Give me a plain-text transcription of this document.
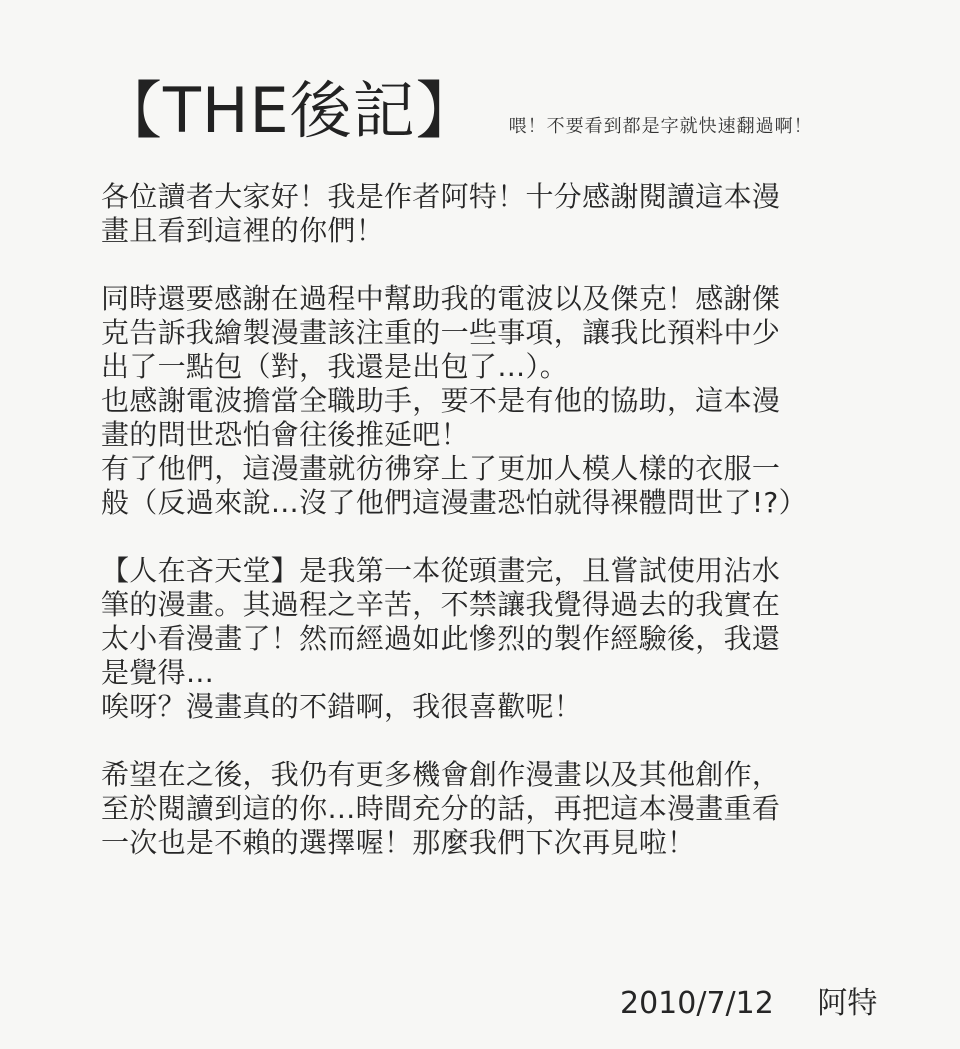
【THE後記】 喂！不要看到都是字就快速翻過啊！
各位讀者大家好！我是作者阿特！十分感謝閱讀這本漫
畫且看到這裡的你們！
同時還要感謝在過程中幫助我的電波以及傑克！感謝傑
克告訴我繪製漫畫該注重的一些事項，讓我比預料中少
出了一點包（對，我還是出包了…）。
也感謝電波擔當全職助手，要不是有他的協助，這本漫
畫的問世恐怕會往後推延吧！
有了他們，這漫畫就彷彿穿上了更加人模人樣的衣服一
般（反過來說…沒了他們這漫畫恐怕就得裸體問世了!?）
【人在吝天堂】是我第一本從頭畫完，且嘗試使用沾水
筆的漫畫。其過程之辛苦，不禁讓我覺得過去的我實在
太小看漫畫了！然而經過如此慘烈的製作經驗後，我還
是覺得…
唉呀？漫畫真的不錯啊，我很喜歡呢！
希望在之後，我仍有更多機會創作漫畫以及其他創作，
至於閱讀到這的你…時間充分的話，再把這本漫畫重看
一次也是不賴的選擇喔！那麼我們下次再見啦！
2010/7/12 阿特
